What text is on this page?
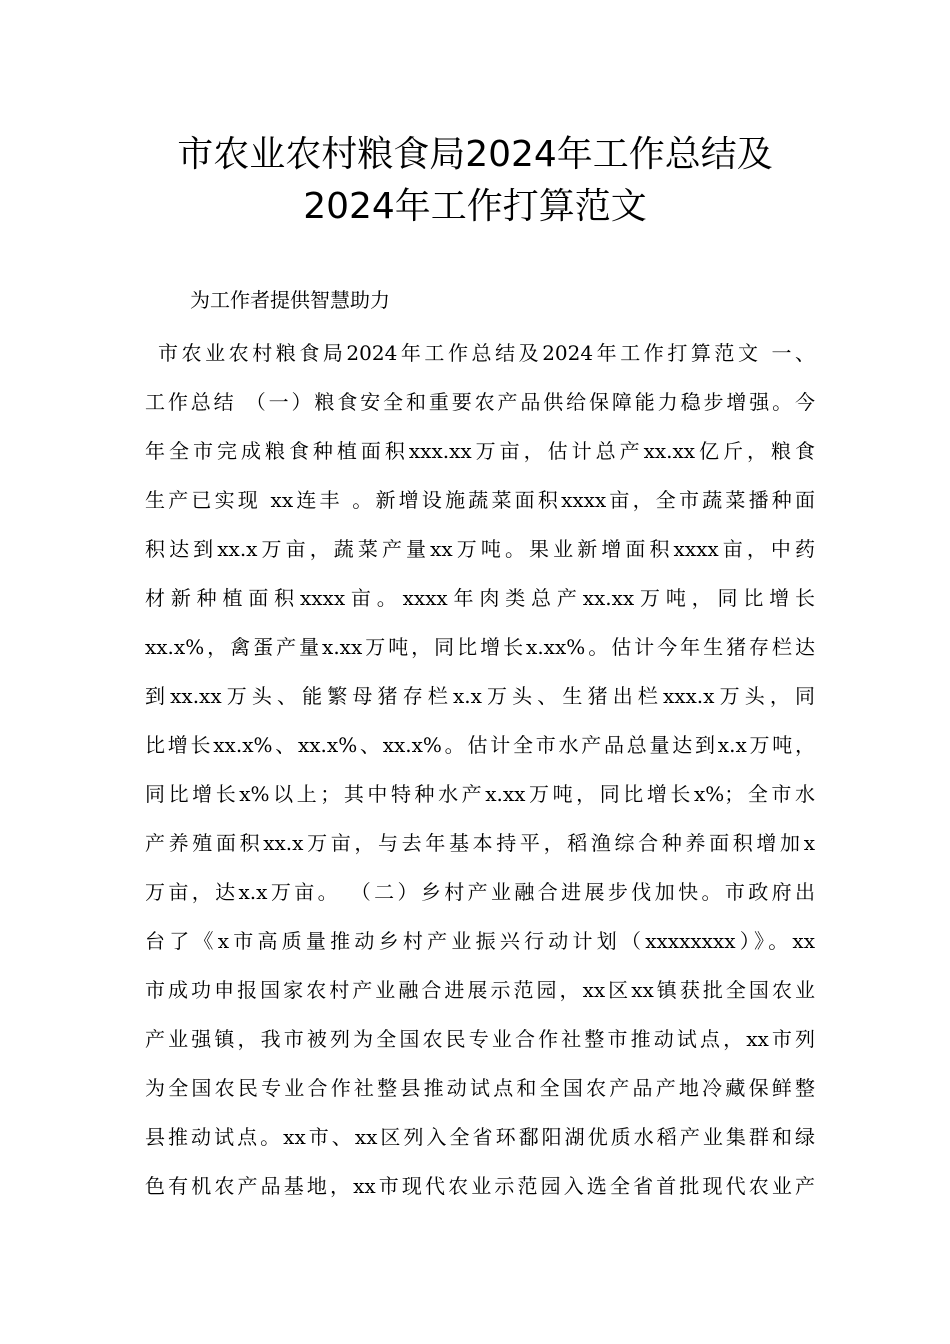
市农业农村粮食局2024年工作总结及
2024年工作打算范文

为工作者提供智慧助力

市农业农村粮食局2024年工作总结及2024年工作打算范文 一、

工作总结 （一）粮食安全和重要农产品供给保障能力稳步增强。今

年全市完成粮食种植面积xxx.xx万亩，估计总产xx.xx亿斤，粮食

生产已实现 xx连丰 。新增设施蔬菜面积xxxx亩，全市蔬菜播种面

积达到xx.x万亩，蔬菜产量xx万吨。果业新增面积xxxx亩，中药

材新种植面积xxxx亩。xxxx年肉类总产xx.xx万吨，同比增长

xx.x%，禽蛋产量x.xx万吨，同比增长x.xx%。估计今年生猪存栏达

到xx.xx万头、能繁母猪存栏x.x万头、生猪出栏xxx.x万头，同

比增长xx.x%、xx.x%、xx.x%。估计全市水产品总量达到x.x万吨，

同比增长x%以上；其中特种水产x.xx万吨，同比增长x%；全市水

产养殖面积xx.x万亩，与去年基本持平，稻渔综合种养面积增加x

万亩，达x.x万亩。 （二）乡村产业融合进展步伐加快。市政府出

台了《x市高质量推动乡村产业振兴行动计划（xxxxxxxx）》。xx

市成功申报国家农村产业融合进展示范园，xx区xx镇获批全国农业

产业强镇，我市被列为全国农民专业合作社整市推动试点，xx市列

为全国农民专业合作社整县推动试点和全国农产品产地冷藏保鲜整

县推动试点。xx市、xx区列入全省环鄱阳湖优质水稻产业集群和绿

色有机农产品基地，xx市现代农业示范园入选全省首批现代农业产
